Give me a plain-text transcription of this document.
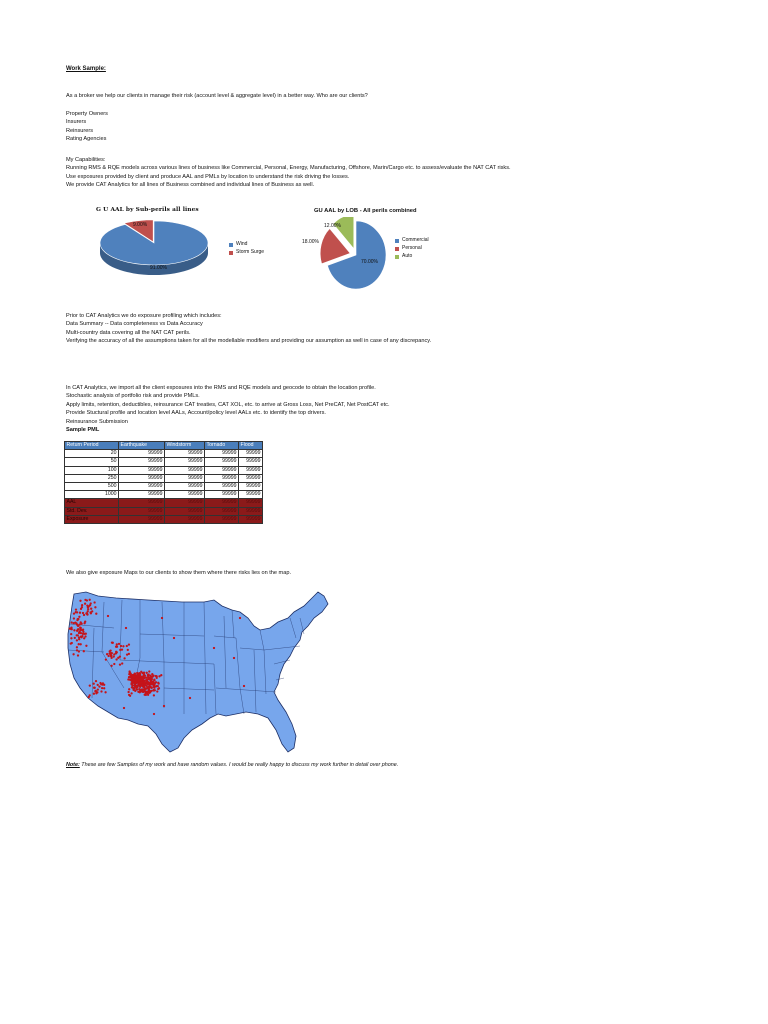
Work Sample:
As a broker we help our clients in manage their risk (account level & aggregate level) in a better way. Who are our clients?
Property Owners
Insurers
Reinsurers
Rating Agencies
My Capabilities:
Running RMS & RQE models across various lines of business like Commercial, Personal, Energy, Manufacturing, Offshore, Marin/Cargo etc. to assess/evaluate the NAT CAT risks.
Use exposures provided by client and produce AAL and PMLs by location to understand the risk driving the losses.
We provide CAT Analytics for all lines of Business combined and individual lines of Business as well.
G U AAL by Sub-perils all lines
9.00%
91.00%
Wind
Storm Surge
GU AAL by LOB - All perils combined
12.00%
18.00%
70.00%
Commercial
Personal
Auto
Prior to CAT Analytics we do exposure profiling which includes:
Data Summary -- Data completeness vs Data Accuracy
Multi-country data covering all the NAT CAT perils.
Verifying the accuracy of all the assumptions taken for all the modellable modifiers and providing our assumption as well in case of any discrepancy.
In CAT Analytics, we import all the client exposures into the RMS and RQE models and geocode to obtain the location profile.
Stochastic analysis of portfolio risk and provide PMLs.
Apply limits, retention, deductibles, reinsurance CAT treaties, CAT XOL, etc. to arrive at Gross Loss, Net PreCAT, Net PostCAT etc.
Provide Stuctural profile and location level AALs, Account/policy level AALs etc. to identify the top drivers.
Reinsurance Submission
Sample PML
Return Period	Earthquake	Windstorm	Tornado	Flood
20	99999	99999	99999	99999
50	99999	99999	99999	99999
100	99999	99999	99999	99999
250	99999	99999	99999	99999
500	99999	99999	99999	99999
1000	99999	99999	99999	99999
AAL	99999	99999	99999	99999
Std. Dev.	99999	99999	99999	99999
Exposure	99999	99999	99999	99999
We also give exposure Maps to our clients to show them where there risks lies on the map.
Note: These are few Samples of my work and have random values. I would be really happy to discuss my work further in detail over phone.
